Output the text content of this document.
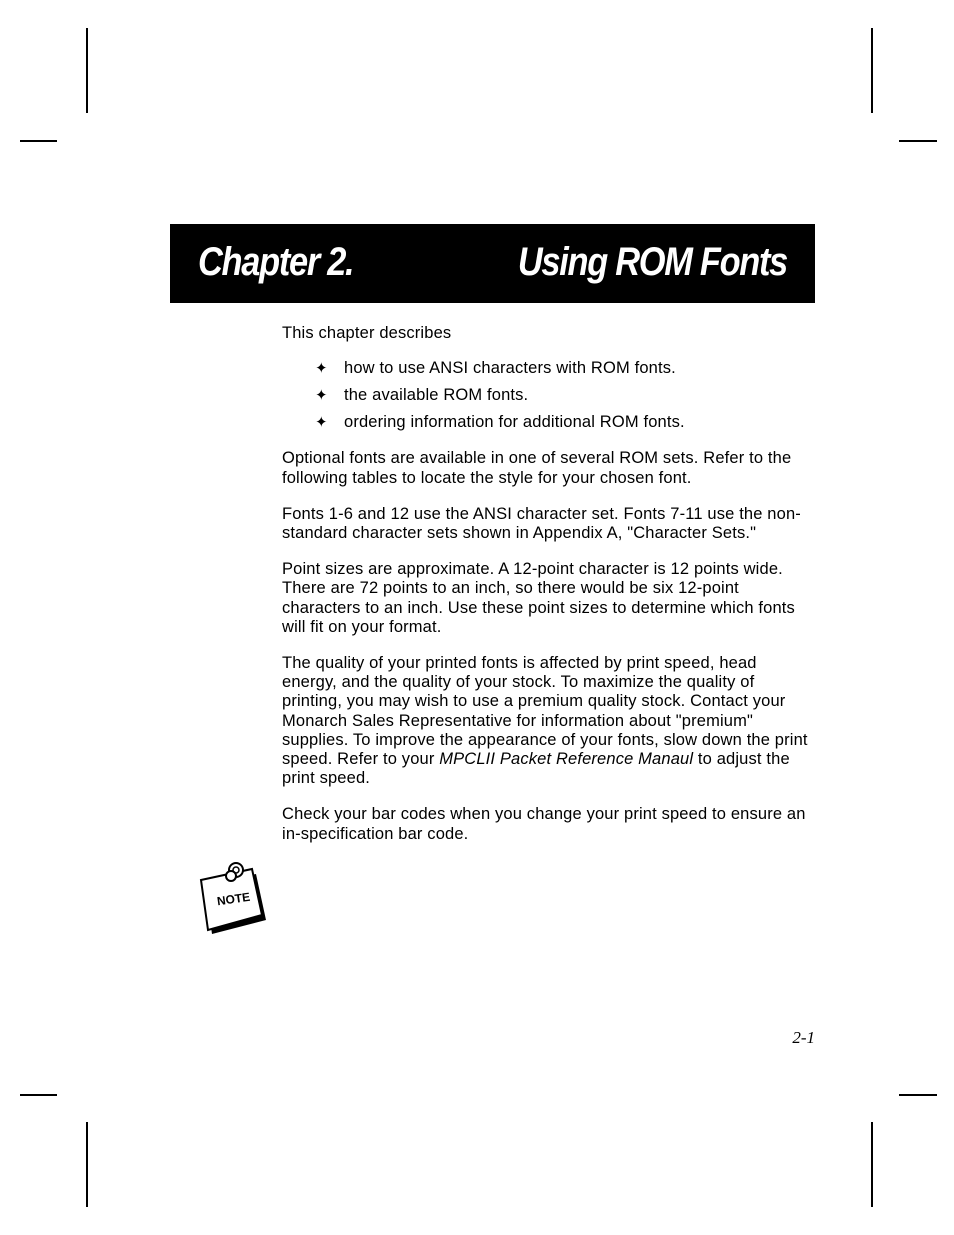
Chapter 2.	Using ROM Fonts

This chapter describes

✦ how to use ANSI characters with ROM fonts.
✦ the available ROM fonts.
✦ ordering information for additional ROM fonts.

Optional fonts are available in one of several ROM sets. Refer to the following tables to locate the style for your chosen font.

Fonts 1-6 and 12 use the ANSI character set. Fonts 7-11 use the non-standard character sets shown in Appendix A, "Character Sets."

Point sizes are approximate. A 12-point character is 12 points wide. There are 72 points to an inch, so there would be six 12-point characters to an inch. Use these point sizes to determine which fonts will fit on your format.

The quality of your printed fonts is affected by print speed, head energy, and the quality of your stock. To maximize the quality of printing, you may wish to use a premium quality stock. Contact your Monarch Sales Representative for information about "premium" supplies. To improve the appearance of your fonts, slow down the print speed. Refer to your MPCLII Packet Reference Manaul to adjust the print speed.

Check your bar codes when you change your print speed to ensure an in-specification bar code.

NOTE
2-1
